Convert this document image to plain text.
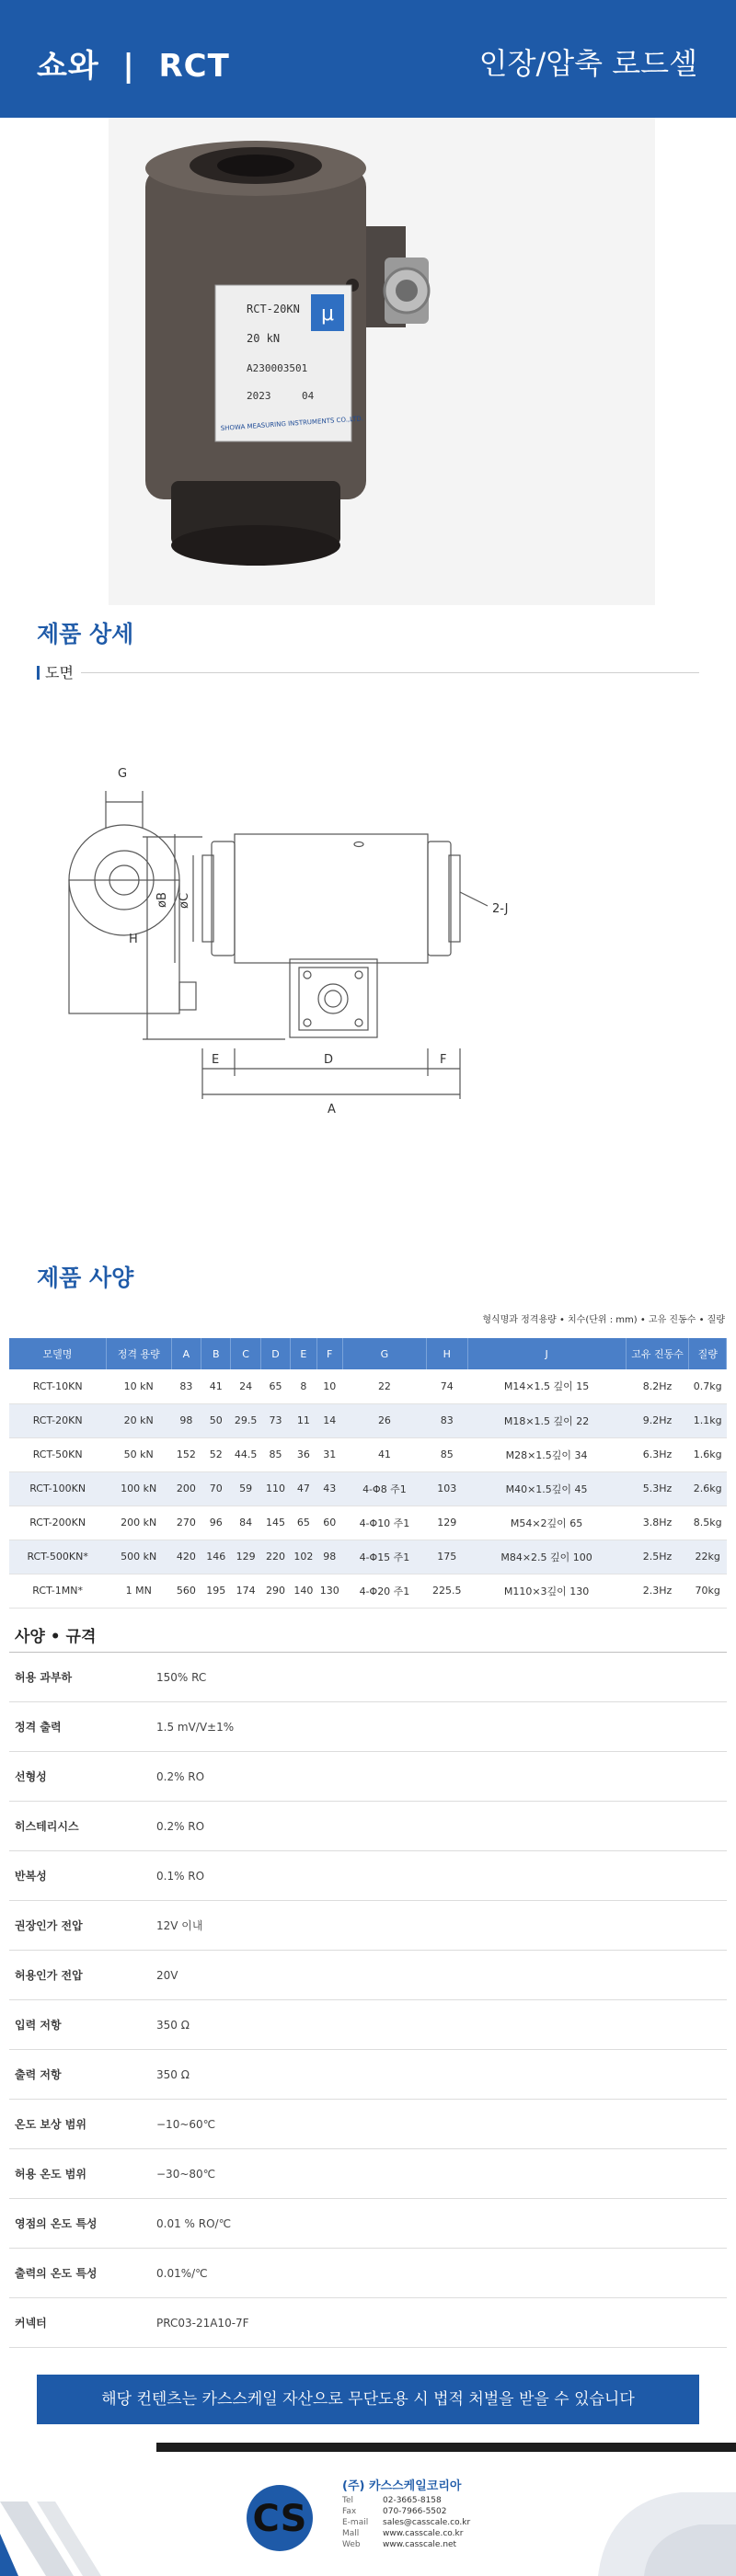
쇼와  |  RCT	인장/압축 로드셀
μ
RCT-20KN
20 kN
A230003501
2023	04
SHOWA MEASURING INSTRUMENTS CO.,LTD.
제품 상세
도면
G
H
øB øC
E	D	F
A
2-J
제품 사양
형식명과 정격용량 • 치수(단위 : mm) • 고유 진동수 • 질량
모델명	정격 용량	A	B	C	D	E	F	G	H	J	고유 진동수	질량
RCT-10KN	10 kN	83	41	24	65	8	10	22	74	M14×1.5 깊이 15	8.2Hz	0.7kg
RCT-20KN	20 kN	98	50	29.5	73	11	14	26	83	M18×1.5 깊이 22	9.2Hz	1.1kg
RCT-50KN	50 kN	152	52	44.5	85	36	31	41	85	M28×1.5깊이 34	6.3Hz	1.6kg
RCT-100KN	100 kN	200	70	59	110	47	43	4-Φ8 주1	103	M40×1.5깊이 45	5.3Hz	2.6kg
RCT-200KN	200 kN	270	96	84	145	65	60	4-Φ10 주1	129	M54×2깊이 65	3.8Hz	8.5kg
RCT-500KN*	500 kN	420	146	129	220	102	98	4-Φ15 주1	175	M84×2.5 깊이 100	2.5Hz	22kg
RCT-1MN*	1 MN	560	195	174	290	140	130	4-Φ20 주1	225.5	M110×3깊이 130	2.3Hz	70kg
사양 • 규격
허용 과부하	150% RC
정격 출력	1.5 mV/V±1%
선형성	0.2% RO
히스테리시스	0.2% RO
반복성	0.1% RO
권장인가 전압	12V 이내
허용인가 전압	20V
입력 저항	350 Ω
출력 저항	350 Ω
온도 보상 범위	−10~60℃
허용 온도 범위	−30~80℃
영점의 온도 특성	0.01 % RO/℃
출력의 온도 특성	0.01%/℃
커넥터	PRC03-21A10-7F
해당 컨텐츠는 카스스케일 자산으로 무단도용 시 법적 처벌을 받을 수 있습니다
CS
(주) 카스스케일코리아
Tel	02-3665-8158
Fax	070-7966-5502
E-mail	sales@casscale.co.kr
Mall	www.casscale.co.kr
Web	www.casscale.net
